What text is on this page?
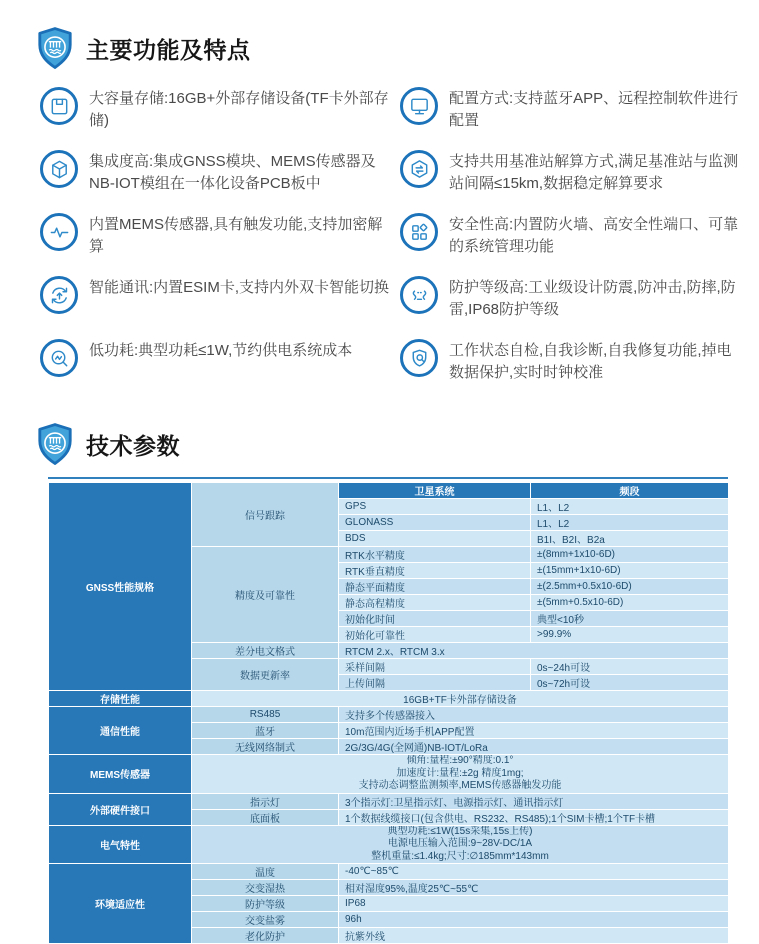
主要功能及特点
大容量存储:16GB+外部存储设备(TF卡外部存储)
集成度高:集成GNSS模块、MEMS传感器及NB-IOT模组在一体化设备PCB板中
内置MEMS传感器,具有触发功能,支持加密解算
智能通讯:内置ESIM卡,支持内外双卡智能切换
低功耗:典型功耗≤1W,节约供电系统成本
配置方式:支持蓝牙APP、远程控制软件进行配置
支持共用基准站解算方式,满足基准站与监测站间隔≤15km,数据稳定解算要求
安全性高:内置防火墙、高安全性端口、可靠的系统管理功能
防护等级高:工业级设计防震,防冲击,防摔,防雷,IP68防护等级
工作状态自检,自我诊断,自我修复功能,掉电数据保护,实时时钟校准
技术参数
GNSS性能规格	信号跟踪	卫星系统	频段
		GPS	L1、L2
		GLONASS	L1、L2
		BDS	B1I、B2I、B2a
	精度及可靠性	RTK水平精度	±(8mm+1x10-6D)
		RTK垂直精度	±(15mm+1x10-6D)
		静态平面精度	±(2.5mm+0.5x10-6D)
		静态高程精度	±(5mm+0.5x10-6D)
		初始化时间	典型<10秒
		初始化可靠性	>99.9%
	差分电文格式	RTCM 2.x、RTCM 3.x	
	数据更新率	采样间隔	0s~24h可设
		上传间隔	0s~72h可设
存储性能	16GB+TF卡外部存储设备		
通信性能	RS485	支持多个传感器接入	
	蓝牙	10m范围内近场手机APP配置	
	无线网络制式	2G/3G/4G(全网通)NB-IOT/LoRa	
MEMS传感器	倾角:量程:±90°精度:0.1°
加速度计:量程:±2g 精度1mg;
支持动态调整监测频率,MEMS传感器触发功能		

外部硬件接口	指示灯	3个指示灯:卫星指示灯、电源指示灯、通讯指示灯	
	底面板	1个数据线缆接口(包含供电、RS232、RS485);1个SIM卡槽;1个TF卡槽	
电气特性	典型功耗:≤1W(15s采集,15s上传)
电源电压输入范围:9~28V-DC/1A
整机重量:≤1.4kg;尺寸:∅185mm*143mm		

环境适应性	温度	-40℃~85℃	
	交变湿热	相对湿度95%,温度25℃~55℃	
	防护等级	IP68	
	交变盐雾	96h	
	老化防护	抗紫外线	
